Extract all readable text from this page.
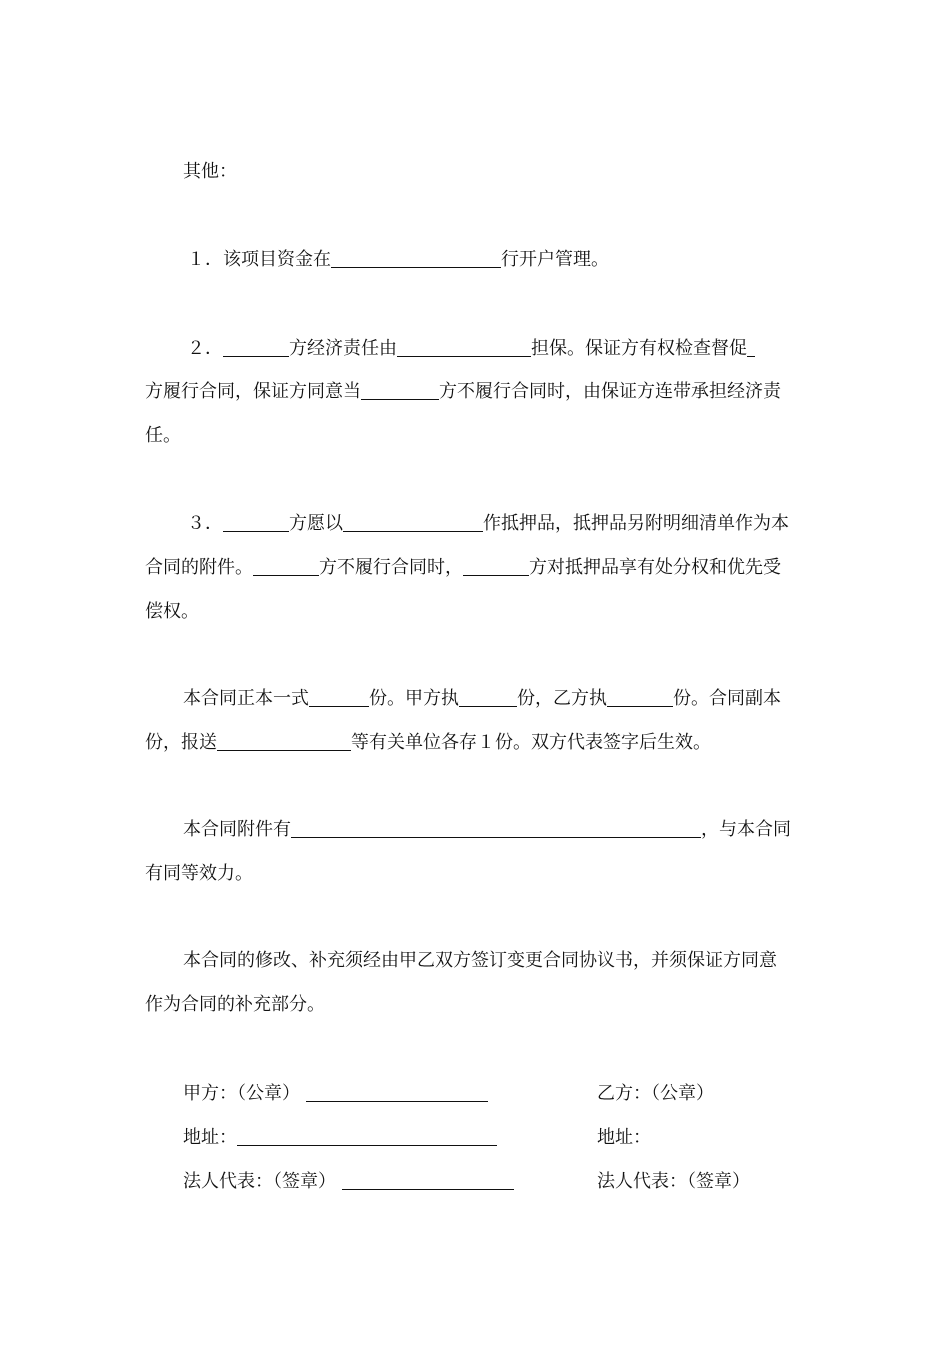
其他：
１．该项目资金在	行开户管理。
２．	方经济责任由	担保。保证方有权检查督促
方履行合同，保证方同意当	方不履行合同时，由保证方连带承担经济责
任。
３．	方愿以	作抵押品，抵押品另附明细清单作为本
合同的附件。	方不履行合同时，	方对抵押品享有处分权和优先受
偿权。
本合同正本一式	份。甲方执	份，乙方执	份。合同副本
份，报送	等有关单位各存１份。双方代表签字后生效。
本合同附件有	，与本合同
有同等效力。
本合同的修改、补充须经由甲乙双方签订变更合同协议书，并须保证方同意
作为合同的补充部分。
甲方：（公章）	乙方：（公章）
地址：	地址：
法人代表：（签章）	法人代表：（签章）
